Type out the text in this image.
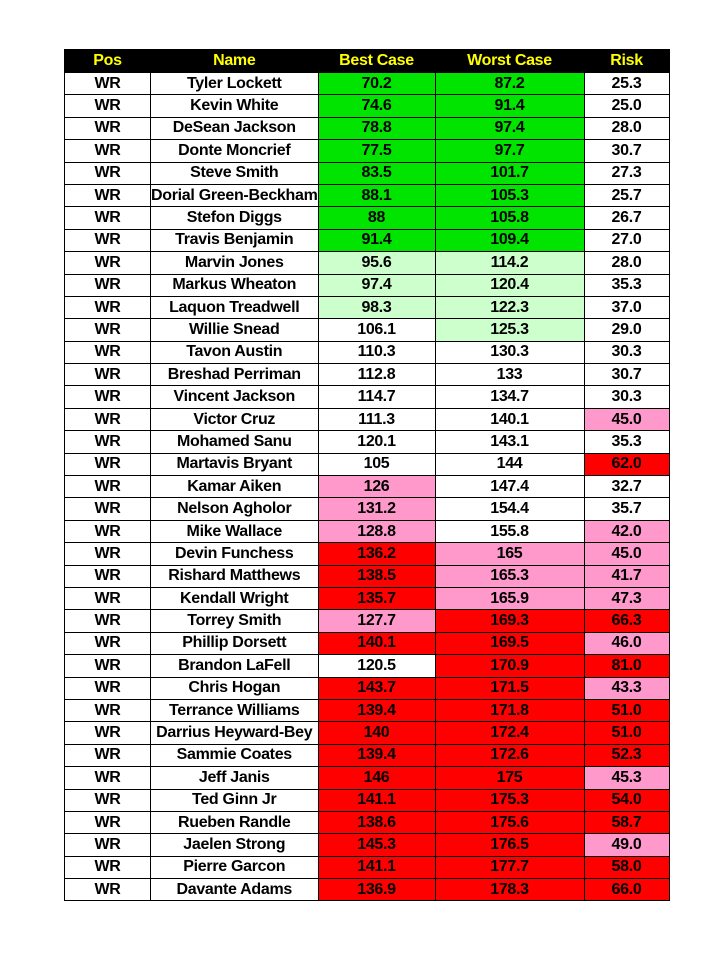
Pos	Name	Best Case	Worst Case	Risk
WR	Tyler Lockett	70.2	87.2	25.3
WR	Kevin White	74.6	91.4	25.0
WR	DeSean Jackson	78.8	97.4	28.0
WR	Donte Moncrief	77.5	97.7	30.7
WR	Steve Smith	83.5	101.7	27.3
WR	Dorial Green-Beckham	88.1	105.3	25.7
WR	Stefon Diggs	88	105.8	26.7
WR	Travis Benjamin	91.4	109.4	27.0
WR	Marvin Jones	95.6	114.2	28.0
WR	Markus Wheaton	97.4	120.4	35.3
WR	Laquon Treadwell	98.3	122.3	37.0
WR	Willie Snead	106.1	125.3	29.0
WR	Tavon Austin	110.3	130.3	30.3
WR	Breshad Perriman	112.8	133	30.7
WR	Vincent Jackson	114.7	134.7	30.3
WR	Victor Cruz	111.3	140.1	45.0
WR	Mohamed Sanu	120.1	143.1	35.3
WR	Martavis Bryant	105	144	62.0
WR	Kamar Aiken	126	147.4	32.7
WR	Nelson Agholor	131.2	154.4	35.7
WR	Mike Wallace	128.8	155.8	42.0
WR	Devin Funchess	136.2	165	45.0
WR	Rishard Matthews	138.5	165.3	41.7
WR	Kendall Wright	135.7	165.9	47.3
WR	Torrey Smith	127.7	169.3	66.3
WR	Phillip Dorsett	140.1	169.5	46.0
WR	Brandon LaFell	120.5	170.9	81.0
WR	Chris Hogan	143.7	171.5	43.3
WR	Terrance Williams	139.4	171.8	51.0
WR	Darrius Heyward-Bey	140	172.4	51.0
WR	Sammie Coates	139.4	172.6	52.3
WR	Jeff Janis	146	175	45.3
WR	Ted Ginn Jr	141.1	175.3	54.0
WR	Rueben Randle	138.6	175.6	58.7
WR	Jaelen Strong	145.3	176.5	49.0
WR	Pierre Garcon	141.1	177.7	58.0
WR	Davante Adams	136.9	178.3	66.0
